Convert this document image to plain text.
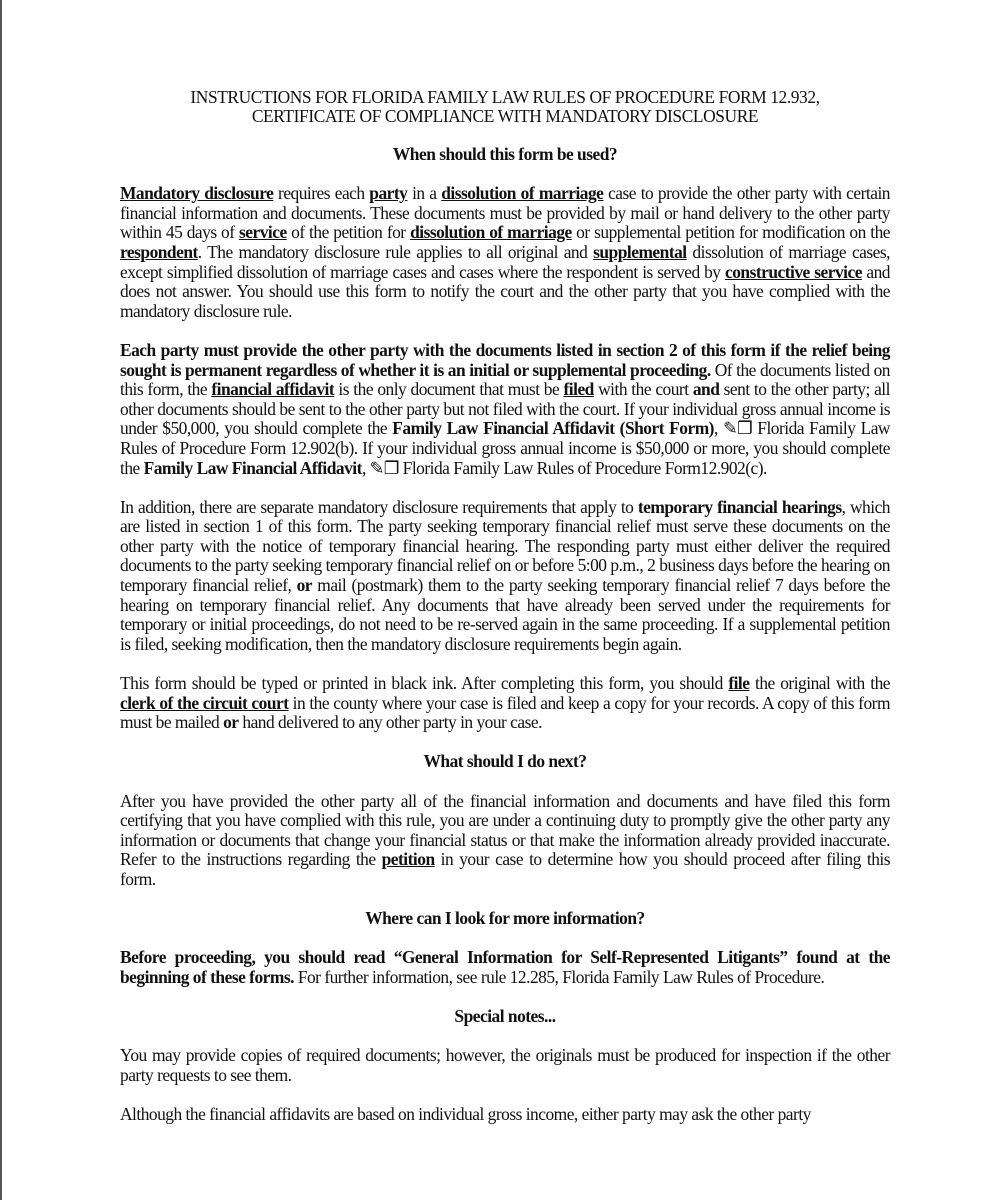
INSTRUCTIONS FOR FLORIDA FAMILY LAW RULES OF PROCEDURE FORM 12.932,
CERTIFICATE OF COMPLIANCE WITH MANDATORY DISCLOSURE
When should this form be used?

Mandatory disclosure requires each party in a dissolution of marriage case to provide the other party with certain financial information and documents. These documents must be provided by mail or hand delivery to the other party within 45 days of service of the petition for dissolution of marriage or supplemental petition for modification on the respondent. The mandatory disclosure rule applies to all original and supplemental dissolution of marriage cases, except simplified dissolution of marriage cases and cases where the respondent is served by constructive service and does not answer. You should use this form to notify the court and the other party that you have complied with the mandatory disclosure rule.

Each party must provide the other party with the documents listed in section 2 of this form if the relief being sought is permanent regardless of whether it is an initial or supplemental proceeding. Of the documents listed on this form, the financial affidavit is the only document that must be filed with the court and sent to the other party; all other documents should be sent to the other party but not filed with the court. If your individual gross annual income is under $50,000, you should complete the Family Law Financial Affidavit (Short Form), ✎❐ Florida Family Law Rules of Procedure Form 12.902(b). If your individual gross annual income is $50,000 or more, you should complete the Family Law Financial Affidavit, ✎❐ Florida Family Law Rules of Procedure Form12.902(c).

In addition, there are separate mandatory disclosure requirements that apply to temporary financial hearings, which are listed in section 1 of this form. The party seeking temporary financial relief must serve these documents on the other party with the notice of temporary financial hearing. The responding party must either deliver the required documents to the party seeking temporary financial relief on or before 5:00 p.m., 2 business days before the hearing on temporary financial relief, or mail (postmark) them to the party seeking temporary financial relief 7 days before the hearing on temporary financial relief. Any documents that have already been served under the requirements for temporary or initial proceedings, do not need to be re-served again in the same proceeding. If a supplemental petition is filed, seeking modification, then the mandatory disclosure requirements begin again.

This form should be typed or printed in black ink. After completing this form, you should file the original with the clerk of the circuit court in the county where your case is filed and keep a copy for your records. A copy of this form must be mailed or hand delivered to any other party in your case.

What should I do next?

After you have provided the other party all of the financial information and documents and have filed this form certifying that you have complied with this rule, you are under a continuing duty to promptly give the other party any information or documents that change your financial status or that make the information already provided inaccurate. Refer to the instructions regarding the petition in your case to determine how you should proceed after filing this form.

Where can I look for more information?

Before proceeding, you should read “General Information for Self-Represented Litigants” found at the beginning of these forms. For further information, see rule 12.285, Florida Family Law Rules of Procedure.

Special notes...

You may provide copies of required documents; however, the originals must be produced for inspection if the other party requests to see them.

Although the financial affidavits are based on individual gross income, either party may ask the other party
